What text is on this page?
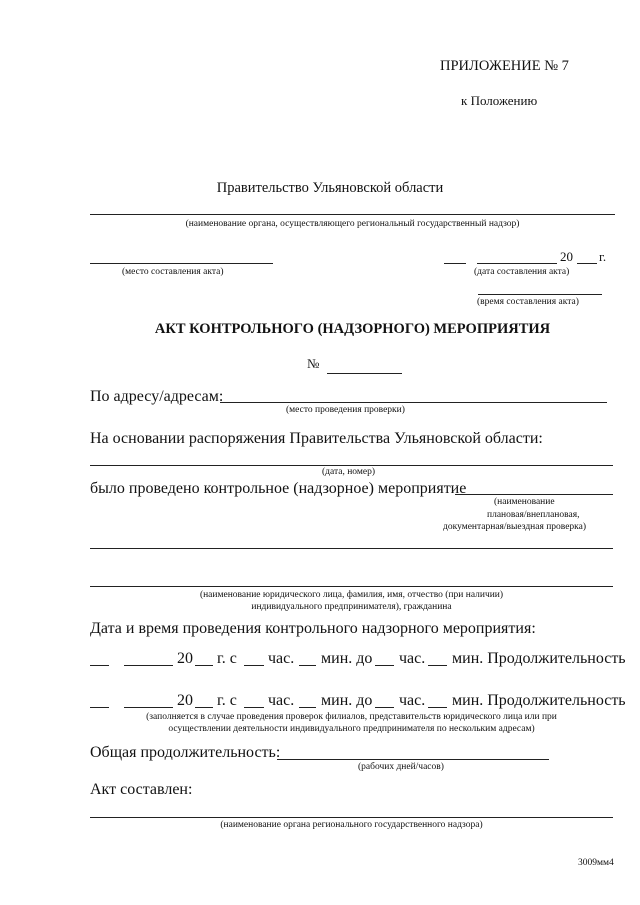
ПРИЛОЖЕНИЕ № 7
к Положению
Правительство Ульяновской области
(наименование органа, осуществляющего региональный государственный надзор)
(место составления акта)
20 г.
(дата составления акта)
(время составления акта)
АКТ КОНТРОЛЬНОГО (НАДЗОРНОГО) МЕРОПРИЯТИЯ
№
По адресу/адресам:
(место проведения проверки)
На основании распоряжения Правительства Ульяновской области:
(дата, номер)
было проведено контрольное (надзорное) мероприятие
(наименование
плановая/внеплановая,
документарная/выездная проверка)
(наименование юридического лица, фамилия, имя, отчество (при наличии)
индивидуального предпринимателя), гражданина
Дата и время проведения контрольного надзорного мероприятия:
20 г. с час. мин. до час. мин. Продолжительность
20 г. с час. мин. до час. мин. Продолжительность
(заполняется в случае проведения проверок филиалов, представительств юридического лица или при
осуществлении деятельности индивидуального предпринимателя по нескольким адресам)
Общая продолжительность:
(рабочих дней/часов)
Акт составлен:
(наименование органа регионального государственного надзора)
3009мм4
